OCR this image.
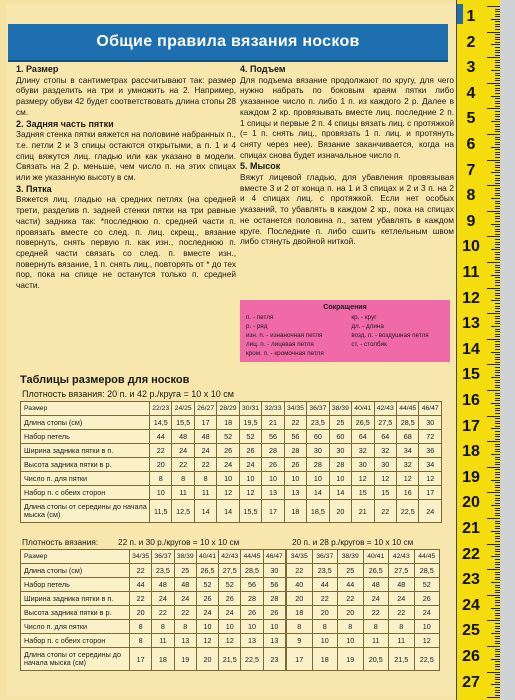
Общие правила вязания носков
1. Размер

Длину стопы в сантиметрах рассчитывают так: размер обуви разделить на три и умножить на 2. Например, размеру обуви 42 будет соответствовать длина стопы 28 см.

2. Задняя часть пятки

Задняя стенка пятки вяжется на половине набранных п., т.е. петли 2 и 3 спицы остаются открытыми, а п. 1 и 4 спиц вяжутся лиц. гладью или как указано в модели. Связать на 2 р. меньше, чем число п. на этих спицах или же указанную высоту в см.

3. Пятка

Вяжется лиц. гладью на средних петлях (на средней трети, разделив п. задней стенки пятки на три равные части) задника так: *последнюю п. средней части п. провязать вместе со след. п. лиц. скрещ., вязание повернуть, снять первую п. как изн., последнюю п. средней части связать со след. п. вместе изн., повернуть вязание, 1 п. снять лиц., повторять от * до тех пор, пока на спице не останутся только п. средней части.

4. Подъем

Для подъема вязание продолжают по кругу, для чего нужно набрать по боковым краям пятки либо указанное число п. либо 1 п. из каждого 2 р. Далее в каждом 2 кр. провязывать вместе лиц. последние 2 п. 1 спицы и первые 2 п. 4 спицы вязать лиц. с протяжкой (= 1 п. снять лиц., провязать 1 п. лиц. и протянуть сняту через нее). Вязание заканчивается, когда на спицах снова будет изначальное число п.

5. Мысок

Вяжут лицевой гладью, для убавления провязывая вместе 3 и 2 от конца п. на 1 и 3 спицах и 2 и 3 п. на 2 и 4 спицах лиц. с протяжкой. Если нет особых указаний, то убавлять в каждом 2 кр., пока на спицах не останется половина п., затем убавлять в каждом круге. Последние п. либо сшить кетлельным швом либо стянуть двойной ниткой.

Сокращения
п. - петля	кр. - круг
р. - ряд	дл. - длина
изн. п. - изнаночная петля	возд. п. - воздушная петля
лиц. п. - лицевая петля	ст. - столбик
кром. п. - кромочная петля
Таблицы размеров для носков
Плотность вязания: 20 п. и 42 р./круга = 10 х 10 см
Размер	22/23	24/25	26/27	28/29	30/31	32/33	34/35	36/37	38/39	40/41	42/43	44/45	46/47
Длина стопы (см)	14,5	15,5	17	18	19,5	21	22	23,5	25	26,5	27,5	28,5	30
Набор петель	44	48	48	52	52	56	56	60	60	64	64	68	72
Ширина задника пятки в п.	22	24	24	26	26	28	28	30	30	32	32	34	36
Высота задника пятки в р.	20	22	22	24	24	26	26	28	28	30	30	32	34
Число п. для пятки	8	8	8	10	10	10	10	10	10	12	12	12	12
Набор п. с обеих сторон	10	11	11	12	12	13	13	14	14	15	15	16	17
Длина стопы от середины до начала мыска (см)	11,5	12,5	14	14	15,5	17	18	18,5	20	21	22	22,5	24
Плотность вязания: 22 п. и 30 р./кругов = 10 х 10 см	20 п. и 28 р./кругов = 10 х 10 см
Размер	34/35	36/37	38/39	40/41	42/43	44/45	46/47
Длина стопы (см)	22	23,5	25	26,5	27,5	28,5	30
Набор петель	44	48	48	52	52	56	56
Ширина задника пятки в п.	22	24	24	26	26	28	28
Высота задника пятки в р.	20	22	22	24	24	26	26
Число п. для пятки	8	8	8	10	10	10	10
Набор п. с обеих сторон	8	11	13	12	12	13	13
Длина стопы от середины до начала мыска (см)	17	18	19	20	21,5	22,5	23
34/35	36/37	38/39	40/41	42/43	44/45
22	23,5	25	26,5	27,5	28,5
40	44	44	48	48	52
20	22	22	24	24	26
18	20	20	22	22	24
8	8	8	8	8	10
9	10	10	11	11	12
17	18	19	20,5	21,5	22,5
1
2
3
4
5
6
7
8
9
10
11
12
13
14
15
16
17
18
19
20
21
22
23
24
25
26
27
